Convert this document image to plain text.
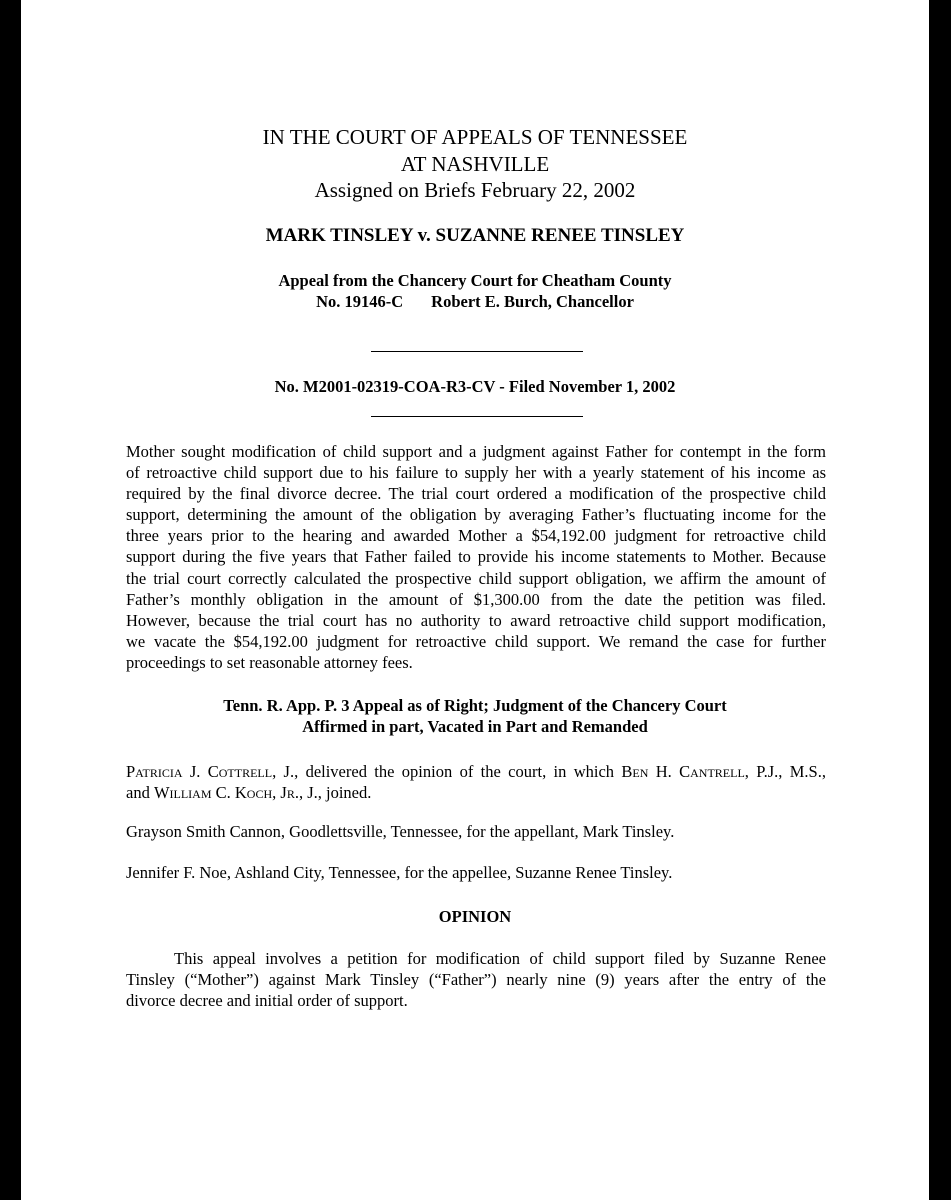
IN THE COURT OF APPEALS OF TENNESSEE
AT NASHVILLE
Assigned on Briefs February 22, 2002
MARK TINSLEY v. SUZANNE RENEE TINSLEY
Appeal from the Chancery Court for Cheatham County
No. 19146-C Robert E. Burch, Chancellor
No. M2001-02319-COA-R3-CV - Filed November 1, 2002
Mother sought modification of child support and a judgment against Father for contempt in the form
of retroactive child support due to his failure to supply her with a yearly statement of his income as
required by the final divorce decree. The trial court ordered a modification of the prospective child
support, determining the amount of the obligation by averaging Father’s fluctuating income for the
three years prior to the hearing and awarded Mother a $54,192.00 judgment for retroactive child
support during the five years that Father failed to provide his income statements to Mother. Because
the trial court correctly calculated the prospective child support obligation, we affirm the amount of
Father’s monthly obligation in the amount of $1,300.00 from the date the petition was filed.
However, because the trial court has no authority to award retroactive child support modification,
we vacate the $54,192.00 judgment for retroactive child support. We remand the case for further
proceedings to set reasonable attorney fees.
Tenn. R. App. P. 3 Appeal as of Right; Judgment of the Chancery Court
Affirmed in part, Vacated in Part and Remanded
Patricia J. Cottrell, J., delivered the opinion of the court, in which Ben H. Cantrell, P.J., M.S.,
and William C. Koch, Jr., J., joined.
Grayson Smith Cannon, Goodlettsville, Tennessee, for the appellant, Mark Tinsley.
Jennifer F. Noe, Ashland City, Tennessee, for the appellee, Suzanne Renee Tinsley.
OPINION
This appeal involves a petition for modification of child support filed by Suzanne Renee
Tinsley (“Mother”) against Mark Tinsley (“Father”) nearly nine (9) years after the entry of the
divorce decree and initial order of support.
